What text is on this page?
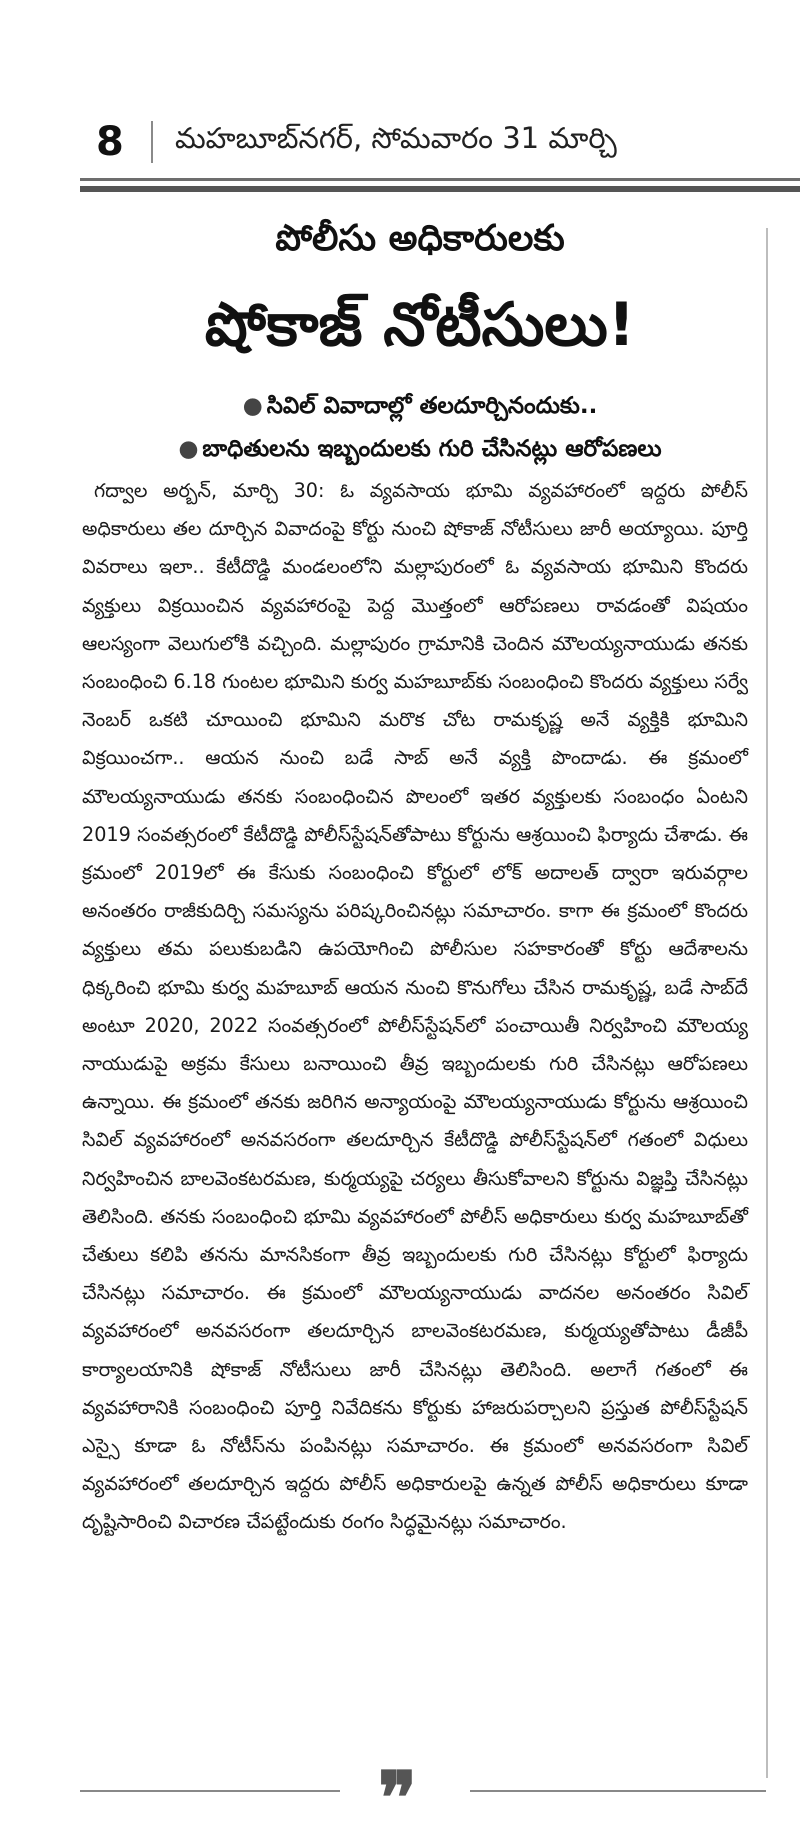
8	మహబూబ్‌నగర్, సోమవారం 31 మార్చి
పోలీసు అధికారులకు
షోకాజ్ నోటీసులు!
● సివిల్ వివాదాల్లో తలదూర్చినందుకు..
● బాధితులను ఇబ్బందులకు గురి చేసినట్లు ఆరోపణలు
గద్వాల అర్బన్, మార్చి 30: ఓ వ్యవసాయ భూమి వ్యవహారంలో ఇద్దరు పోలీస్ అధికారులు తల దూర్చిన వివాదంపై కోర్టు నుంచి షోకాజ్ నోటీసులు జారీ అయ్యాయి. పూర్తి వివరాలు ఇలా.. కేటీదొడ్డి మండలంలోని మల్లాపురంలో ఓ వ్యవసాయ భూమిని కొందరు వ్యక్తులు విక్రయించిన వ్యవహారంపై పెద్ద మొత్తంలో ఆరోపణలు రావడంతో విషయం ఆలస్యంగా వెలుగులోకి వచ్చింది. మల్లాపురం గ్రామానికి చెందిన మౌలయ్యనాయుడు తనకు సంబంధించి 6.18 గుంటల భూమిని కుర్వ మహబూబ్‌కు సంబంధించి కొందరు వ్యక్తులు సర్వే నెంబర్ ఒకటి చూయించి భూమిని మరొక చోట రామకృష్ణ అనే వ్యక్తికి భూమిని విక్రయించగా.. ఆయన నుంచి బడే సాబ్ అనే వ్యక్తి పొందాడు. ఈ క్రమంలో మౌలయ్యనాయుడు తనకు సంబంధించిన పొలంలో ఇతర వ్యక్తులకు సంబంధం ఏంటని 2019 సంవత్సరంలో కేటీదొడ్డి పోలీస్‌స్టేషన్‌తోపాటు కోర్టును ఆశ్రయించి ఫిర్యాదు చేశాడు. ఈ క్రమంలో 2019లో ఈ కేసుకు సంబంధించి కోర్టులో లోక్ అదాలత్ ద్వారా ఇరువర్గాల అనంతరం రాజీకుదిర్చి సమస్యను పరిష్కరించినట్లు సమాచారం. కాగా ఈ క్రమంలో కొందరు వ్యక్తులు తమ పలుకుబడిని ఉపయోగించి పోలీసుల సహకారంతో కోర్టు ఆదేశాలను ధిక్కరించి భూమి కుర్వ మహబూబ్ ఆయన నుంచి కొనుగోలు చేసిన రామకృష్ణ, బడే సాబ్‌దే అంటూ 2020, 2022 సంవత్సరంలో పోలీస్‌స్టేషన్‌లో పంచాయితీ నిర్వహించి మౌలయ్య నాయుడుపై అక్రమ కేసులు బనాయించి తీవ్ర ఇబ్బందులకు గురి చేసినట్లు ఆరోపణలు ఉన్నాయి. ఈ క్రమంలో తనకు జరిగిన అన్యాయంపై మౌలయ్యనాయుడు కోర్టును ఆశ్రయించి సివిల్ వ్యవహారంలో అనవసరంగా తలదూర్చిన కేటీదొడ్డి పోలీస్‌స్టేషన్‌లో గతంలో విధులు నిర్వహించిన బాలవెంకటరమణ, కుర్మయ్యపై చర్యలు తీసుకోవాలని కోర్టును విజ్ఞప్తి చేసినట్లు తెలిసింది. తనకు సంబంధించి భూమి వ్యవహారంలో పోలీస్ అధికారులు కుర్వ మహబూబ్‌తో చేతులు కలిపి తనను మానసికంగా తీవ్ర ఇబ్బందులకు గురి చేసినట్లు కోర్టులో ఫిర్యాదు చేసినట్లు సమాచారం. ఈ క్రమంలో మౌలయ్యనాయుడు వాదనల అనంతరం సివిల్ వ్యవహారంలో అనవసరంగా తలదూర్చిన బాలవెంకటరమణ, కుర్మయ్యతోపాటు డీజీపీ కార్యాలయానికి షోకాజ్ నోటీసులు జారీ చేసినట్లు తెలిసింది. అలాగే గతంలో ఈ వ్యవహారానికి సంబంధించి పూర్తి నివేదికను కోర్టుకు హాజరుపర్చాలని ప్రస్తుత పోలీస్‌స్టేషన్ ఎస్సై కూడా ఓ నోటీస్‌ను పంపినట్లు సమాచారం. ఈ క్రమంలో అనవసరంగా సివిల్ వ్యవహారంలో తలదూర్చిన ఇద్దరు పోలీస్ అధికారులపై ఉన్నత పోలీస్ అధికారులు కూడా దృష్టిసారించి విచారణ చేపట్టేందుకు రంగం సిద్ధమైనట్లు సమాచారం.
❞
